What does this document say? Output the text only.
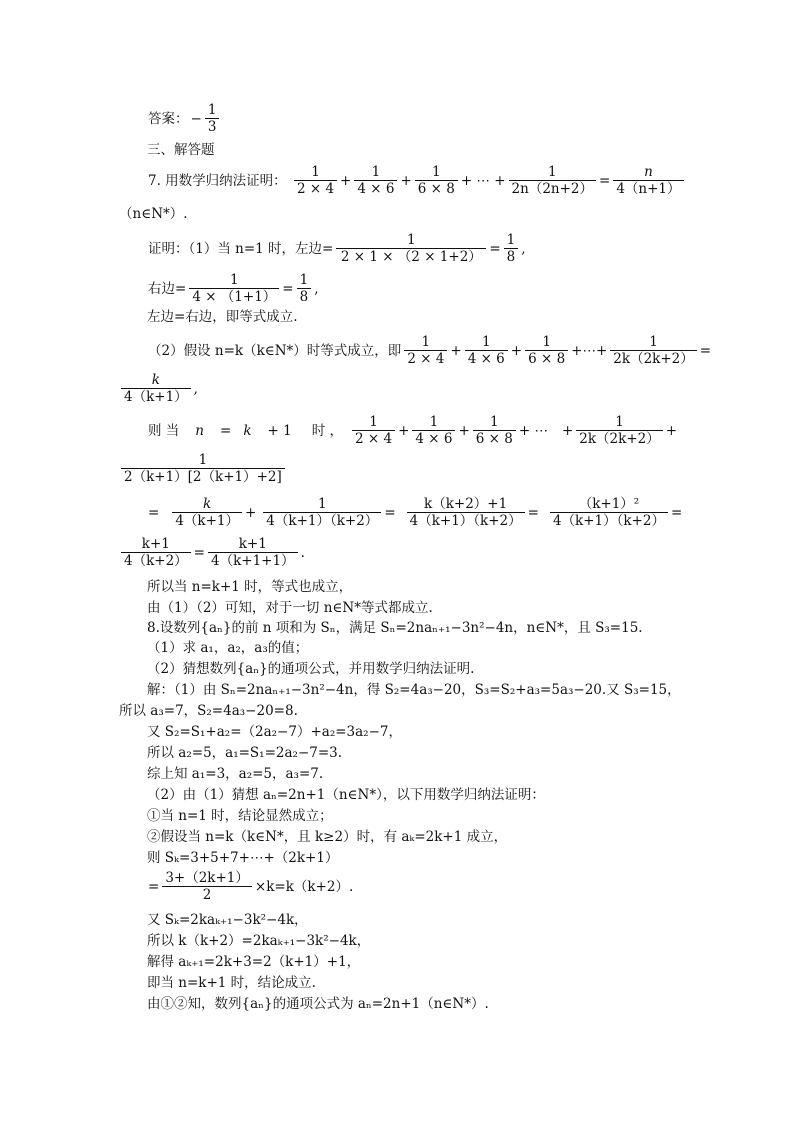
答案： − $\frac{1}{3}$
三、解答题
7. 用数学归纳法证明： $\frac{1}{2 \times 4} + \frac{1}{4 \times 6} + \frac{1}{6 \times 8}$ + ⋯ + $\frac{1}{2n(2n+2)} = \frac{n}{4(n+1)}$
（n∈N*）.
证明：（1）当 n=1 时，左边= $\frac{1}{2 \times 1 \times (2 \times 1+2)} = \frac{1}{8}$ ,
右边= $\frac{1}{4 \times (1+1)} = \frac{1}{8}$ ,
左边=右边，即等式成立.
（2）假设 n=k（k∈N*）时等式成立，即 $\frac{1}{2 \times 4} + \frac{1}{4 \times 6} + \frac{1}{6 \times 8}$ +⋯+ $\frac{1}{2k(2k+2)}$ =
$\frac{k}{4(k+1)}$ ,
则 当 n = k + 1 时 ， $\frac{1}{2 \times 4} + \frac{1}{4 \times 6} + \frac{1}{6 \times 8}$ + ⋯ + $\frac{1}{2k(2k+2)}$ +
$\frac{1}{2(k+1)[2(k+1)+2]}$
= $\frac{k}{4(k+1)} + \frac{1}{4(k+1)(k+2)} = \frac{k(k+2)+1}{4(k+1)(k+2)} = \frac{\text{（k+1）²}}{4(k+1)(k+2)}$ =
$\frac{k+1}{4(k+2)} = \frac{k+1}{4(k+1+1)}$ .
所以当 n=k+1 时，等式也成立，
由（1）（2）可知，对于一切 n∈N*等式都成立.
8.设数列{aₙ}的前 n 项和为 Sₙ，满足 Sₙ=2naₙ₊₁−3n²−4n，n∈N*，且 S₃=15.
（1）求 a₁，a₂，a₃的值；
（2）猜想数列{aₙ}的通项公式，并用数学归纳法证明.
解：（1）由 Sₙ=2naₙ₊₁−3n²−4n，得 S₂=4a₃−20，S₃=S₂+a₃=5a₃−20.又 S₃=15，
所以 a₃=7，S₂=4a₃−20=8.
又 S₂=S₁+a₂=（2a₂−7）+a₂=3a₂−7，
所以 a₂=5，a₁=S₁=2a₂−7=3.
综上知 a₁=3，a₂=5，a₃=7.
（2）由（1）猜想 aₙ=2n+1（n∈N*），以下用数学归纳法证明：
①当 n=1 时，结论显然成立；
②假设当 n=k（k∈N*，且 k≥2）时，有 aₖ=2k+1 成立，
则 Sₖ=3+5+7+⋯+（2k+1）
= $\frac{3+(2k+1)}{2} \times k=k(k+2)$.
又 Sₖ=2kaₖ₊₁−3k²−4k，
所以 k（k+2）=2kaₖ₊₁−3k²−4k，
解得 aₖ₊₁=2k+3=2（k+1）+1，
即当 n=k+1 时，结论成立.
由①②知，数列{aₙ}的通项公式为 aₙ=2n+1（n∈N*）.
